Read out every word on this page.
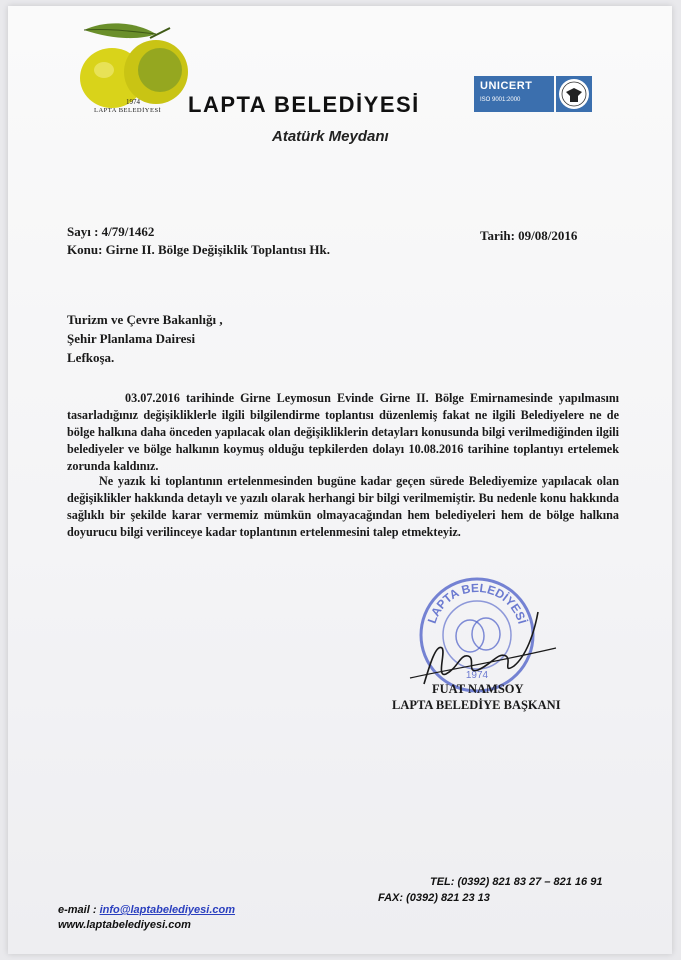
1974
LAPTA BELEDİYESİ LAPTA BELEDİYESİ
Atatürk Meydanı
UNICERT
ISO 9001:2000
Sayı : 4/79/1462
Konu: Girne II. Bölge Değişiklik Toplantısı Hk.
Tarih: 09/08/2016
Turizm ve Çevre Bakanlığı ,
Şehir Planlama Dairesi
Lefkoşa.
03.07.2016 tarihinde Girne Leymosun Evinde Girne II. Bölge Emirnamesinde yapılmasını tasarladığınız değişikliklerle ilgili bilgilendirme toplantısı düzenlemiş fakat ne ilgili Belediyelere ne de bölge halkına daha önceden yapılacak olan değişikliklerin detayları konusunda bilgi verilmediğinden ilgili belediyeler ve bölge halkının koymuş olduğu tepkilerden dolayı 10.08.2016 tarihine toplantıyı ertelemek zorunda kaldınız.
Ne yazık ki toplantının ertelenmesinden bugüne kadar geçen sürede Belediyemize yapılacak olan değişiklikler hakkında detaylı ve yazılı olarak herhangi bir bilgi verilmemiştir. Bu nedenle konu hakkında sağlıklı bir şekilde karar vermemiz mümkün olmayacağından hem belediyeleri hem de bölge halkına doyurucu bilgi verilinceye kadar toplantının ertelenmesini talep etmekteyiz.
LAPTA BELEDİYESİ
1974
FUAT NAMSOY
LAPTA BELEDİYE BAŞKANI
TEL: (0392) 821 83 27 – 821 16 91
FAX: (0392) 821 23 13
e-mail : info@laptabelediyesi.com
www.laptabelediyesi.com
